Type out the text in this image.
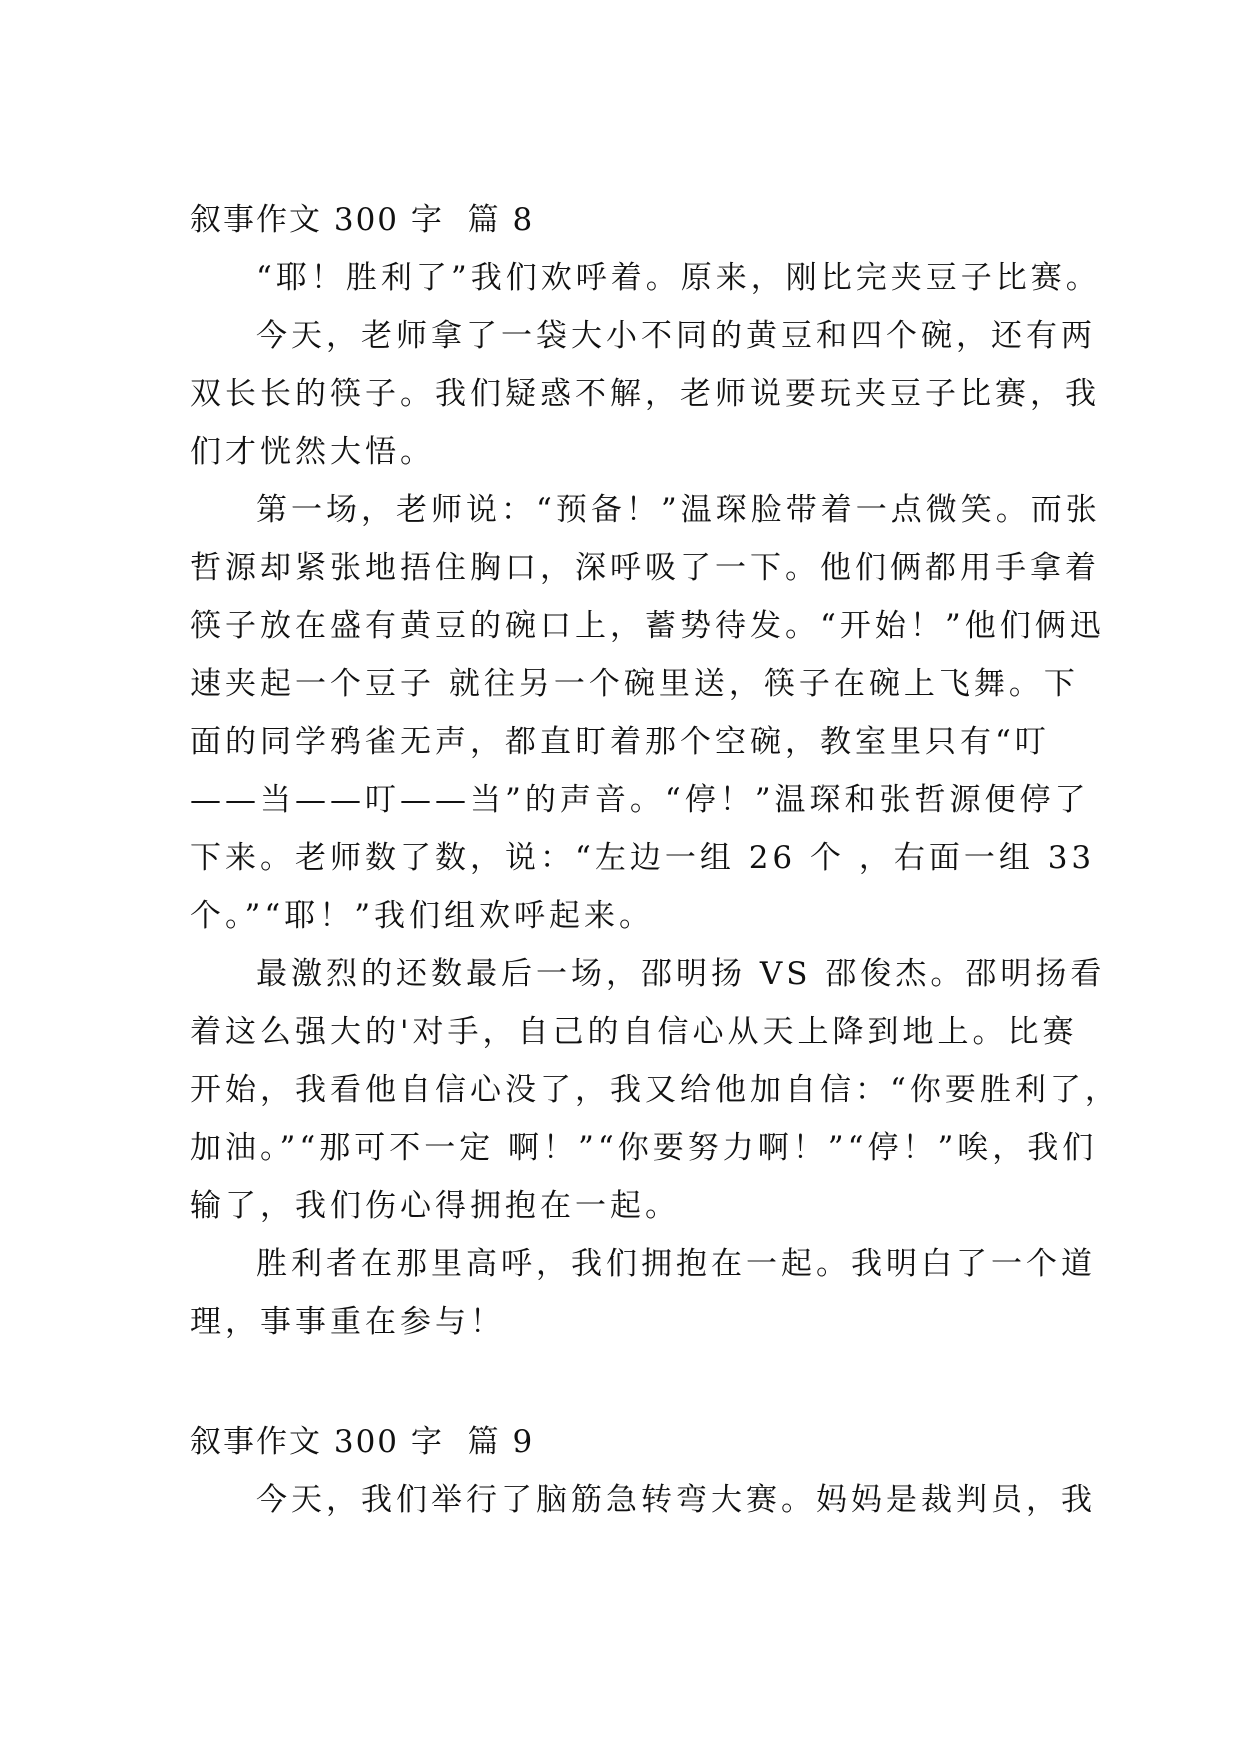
叙事作文 300 字  篇 8
“耶！胜利了”我们欢呼着。原来，刚比完夹豆子比赛。
今天，老师拿了一袋大小不同的黄豆和四个碗，还有两
双长长的筷子。我们疑惑不解，老师说要玩夹豆子比赛，我
们才恍然大悟。
第一场，老师说：“预备！”温琛脸带着一点微笑。而张
哲源却紧张地捂住胸口，深呼吸了一下。他们俩都用手拿着
筷子放在盛有黄豆的碗口上，蓄势待发。“开始！”他们俩迅
速夹起一个豆子 就往另一个碗里送，筷子在碗上飞舞。下
面的同学鸦雀无声，都直盯着那个空碗，教室里只有“叮
——当——叮——当”的声音。“停！”温琛和张哲源便停了
下来。老师数了数，说：“左边一组 26 个 ，右面一组 33
个。”“耶！”我们组欢呼起来。
最激烈的还数最后一场，邵明扬 VS 邵俊杰。邵明扬看
着这么强大的'对手，自己的自信心从天上降到地上。比赛
开始，我看他自信心没了，我又给他加自信：“你要胜利了，
加油。”“那可不一定 啊！”“你要努力啊！”“停！”唉，我们
输了，我们伤心得拥抱在一起。
胜利者在那里高呼，我们拥抱在一起。我明白了一个道
理，事事重在参与！
叙事作文 300 字  篇 9
今天，我们举行了脑筋急转弯大赛。妈妈是裁判员，我
